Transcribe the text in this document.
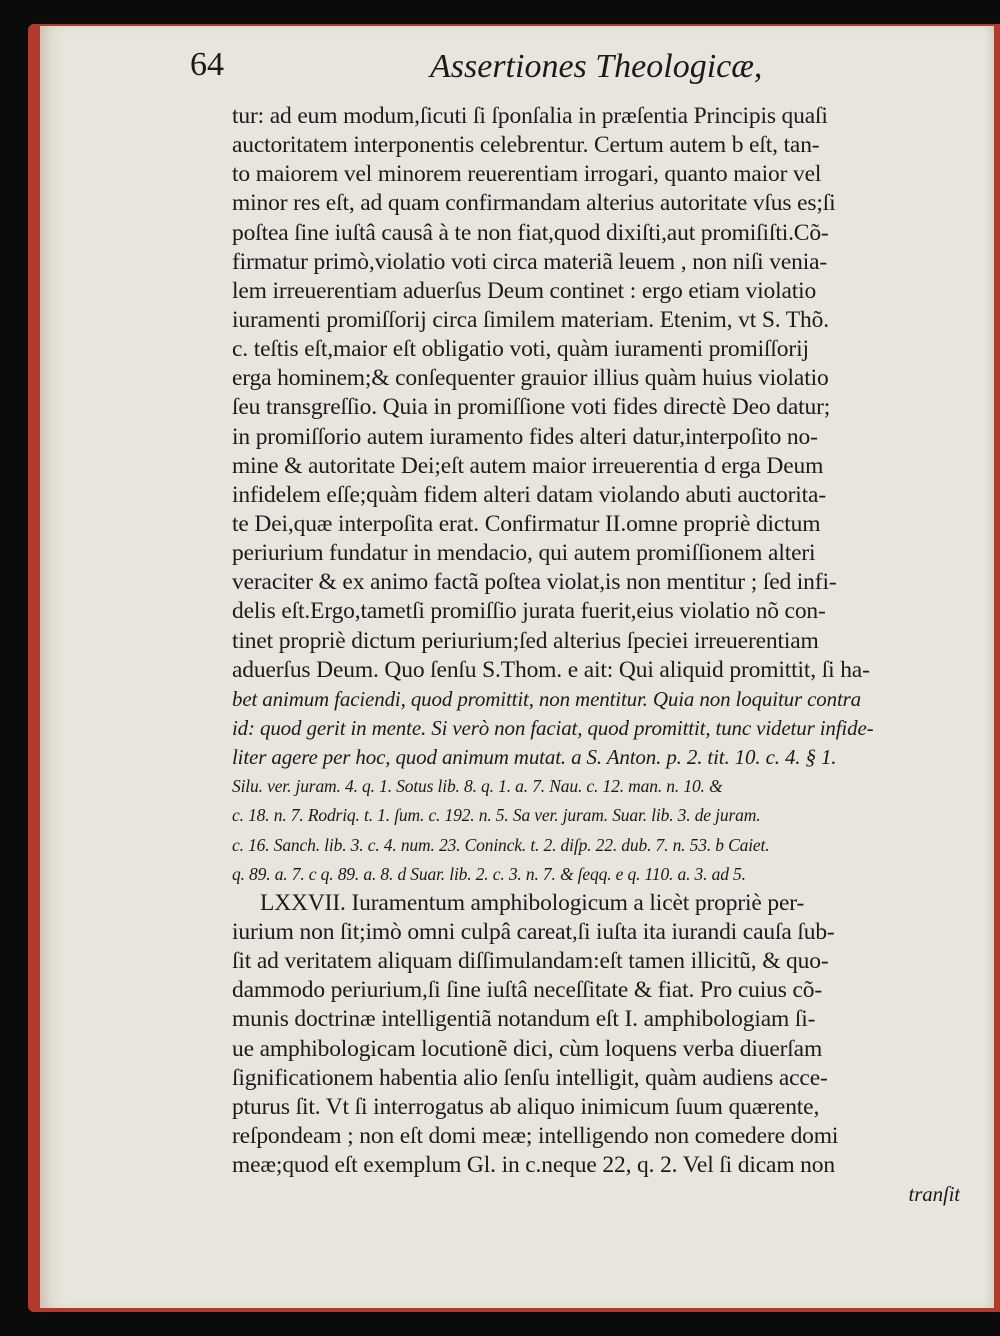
64	Assertiones Theologicæ,
tur: ad eum modum,ſicuti ſi ſponſalia in præſentia Principis quaſi
auctoritatem interponentis celebrentur. Certum autem b eſt, tan-
to maiorem vel minorem reuerentiam irrogari, quanto maior vel
minor res eſt, ad quam confirmandam alterius autoritate vſus es;ſi
poſtea ſine iuſtâ causâ à te non fiat,quod dixiſti,aut promiſiſti.Cõ-
firmatur primò,violatio voti circa materiã leuem , non niſi venia-
lem irreuerentiam aduerſus Deum continet : ergo etiam violatio
iuramenti promiſſorij circa ſimilem materiam. Etenim, vt S. Thõ.
c. teſtis eſt,maior eſt obligatio voti, quàm iuramenti promiſſorij
erga hominem;& conſequenter grauior illius quàm huius violatio
ſeu transgreſſio. Quia in promiſſione voti fides directè Deo datur;
in promiſſorio autem iuramento fides alteri datur,interpoſito no-
mine & autoritate Dei;eſt autem maior irreuerentia d erga Deum
infidelem eſſe;quàm fidem alteri datam violando abuti auctorita-
te Dei,quæ interpoſita erat. Confirmatur II.omne propriè dictum
periurium fundatur in mendacio, qui autem promiſſionem alteri
veraciter & ex animo factã poſtea violat,is non mentitur ; ſed infi-
delis eſt.Ergo,tametſi promiſſio jurata fuerit,eius violatio nõ con-
tinet propriè dictum periurium;ſed alterius ſpeciei irreuerentiam
aduerſus Deum. Quo ſenſu S.Thom. e ait: Qui aliquid promittit, ſi ha-
bet animum faciendi, quod promittit, non mentitur. Quia non loquitur contra
id: quod gerit in mente. Si verò non faciat, quod promittit, tunc videtur infide-
liter agere per hoc, quod animum mutat. a S. Anton. p. 2. tit. 10. c. 4. § 1.
Silu. ver. juram. 4. q. 1. Sotus lib. 8. q. 1. a. 7. Nau. c. 12. man. n. 10. &
c. 18. n. 7. Rodriq. t. 1. ſum. c. 192. n. 5. Sa ver. juram. Suar. lib. 3. de juram.
c. 16. Sanch. lib. 3. c. 4. num. 23. Coninck. t. 2. diſp. 22. dub. 7. n. 53. b Caiet.
q. 89. a. 7. c q. 89. a. 8. d Suar. lib. 2. c. 3. n. 7. & ſeqq. e q. 110. a. 3. ad 5.
LXXVII. Iuramentum amphibologicum a licèt propriè per-
iurium non ſit;imò omni culpâ careat,ſi iuſta ita iurandi cauſa ſub-
ſit ad veritatem aliquam diſſimulandam:eſt tamen illicitũ, & quo-
dammodo periurium,ſi ſine iuſtâ neceſſitate & fiat. Pro cuius cõ-
munis doctrinæ intelligentiã notandum eſt I. amphibologiam ſi-
ue amphibologicam locutionẽ dici, cùm loquens verba diuerſam
ſignificationem habentia alio ſenſu intelligit, quàm audiens acce-
pturus ſit. Vt ſi interrogatus ab aliquo inimicum ſuum quærente,
reſpondeam ; non eſt domi meæ; intelligendo non comedere domi
meæ;quod eſt exemplum Gl. in c.neque 22, q. 2. Vel ſi dicam non
tranſit
